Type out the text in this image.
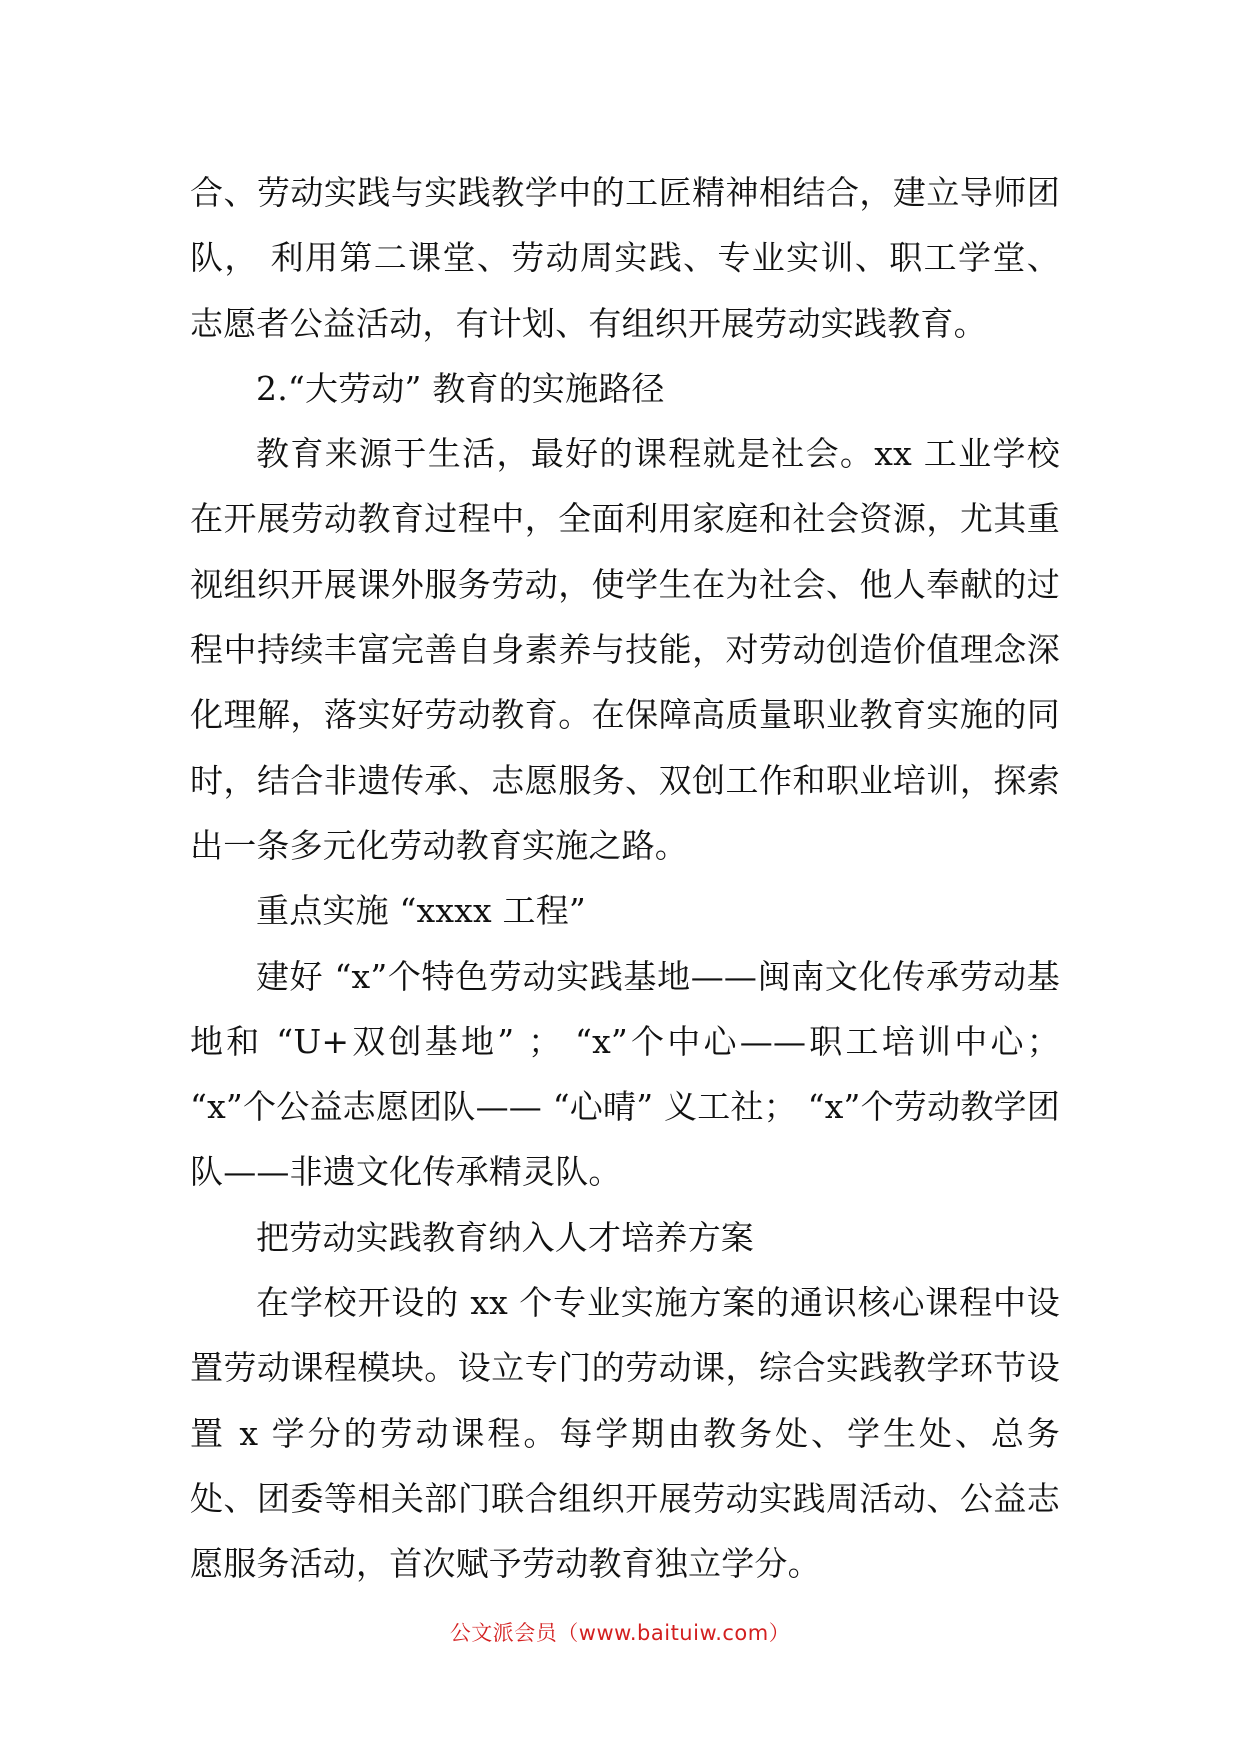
合、劳动实践与实践教学中的工匠精神相结合，建立导师团队， 利用第二课堂、劳动周实践、专业实训、职工学堂、志愿者公益活动，有计划、有组织开展劳动实践教育。

2.“大劳动” 教育的实施路径

教育来源于生活，最好的课程就是社会。xx 工业学校在开展劳动教育过程中，全面利用家庭和社会资源，尤其重视组织开展课外服务劳动，使学生在为社会、他人奉献的过程中持续丰富完善自身素养与技能，对劳动创造价值理念深化理解，落实好劳动教育。在保障高质量职业教育实施的同时，结合非遗传承、志愿服务、双创工作和职业培训，探索出一条多元化劳动教育实施之路。

重点实施 “xxxx 工程”

建好 “x”个特色劳动实践基地——闽南文化传承劳动基地和 “U+双创基地” ； “x”个中心——职工培训中心； “x”个公益志愿团队—— “心晴” 义工社； “x”个劳动教学团队——非遗文化传承精灵队。

把劳动实践教育纳入人才培养方案

在学校开设的 xx 个专业实施方案的通识核心课程中设置劳动课程模块。设立专门的劳动课，综合实践教学环节设置 x 学分的劳动课程。每学期由教务处、学生处、总务处、团委等相关部门联合组织开展劳动实践周活动、公益志愿服务活动，首次赋予劳动教育独立学分。

公文派会员（www.baituiw.com）
